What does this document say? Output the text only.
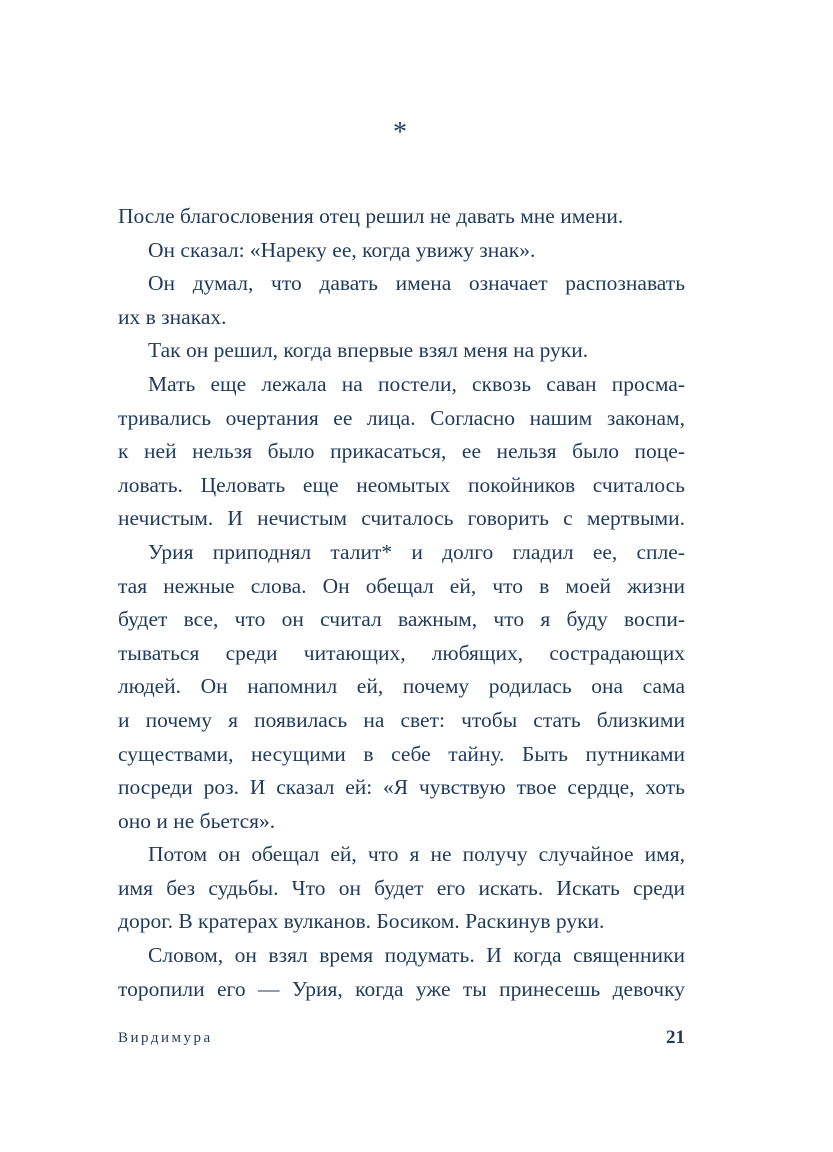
*
После благословения отец решил не давать мне имени.
Он сказал: «Нареку ее, когда увижу знак».
Он думал, что давать имена означает распознавать
их в знаках.
Так он решил, когда впервые взял меня на руки.
Мать еще лежала на постели, сквозь саван просма-
тривались очертания ее лица. Согласно нашим законам,
к ней нельзя было прикасаться, ее нельзя было поце-
ловать. Целовать еще неомытых покойников считалось
нечистым. И нечистым считалось говорить с мертвыми.
Урия приподнял талит* и долго гладил ее, спле-
тая нежные слова. Он обещал ей, что в моей жизни
будет все, что он считал важным, что я буду воспи-
тываться среди читающих, любящих, сострадающих
людей. Он напомнил ей, почему родилась она сама
и почему я появилась на свет: чтобы стать близкими
существами, несущими в себе тайну. Быть путниками
посреди роз. И сказал ей: «Я чувствую твое сердце, хоть
оно и не бьется».
Потом он обещал ей, что я не получу случайное имя,
имя без судьбы. Что он будет его искать. Искать среди
дорог. В кратерах вулканов. Босиком. Раскинув руки.
Словом, он взял время подумать. И когда священники
торопили его — Урия, когда уже ты принесешь девочку
Вирдимура	21
